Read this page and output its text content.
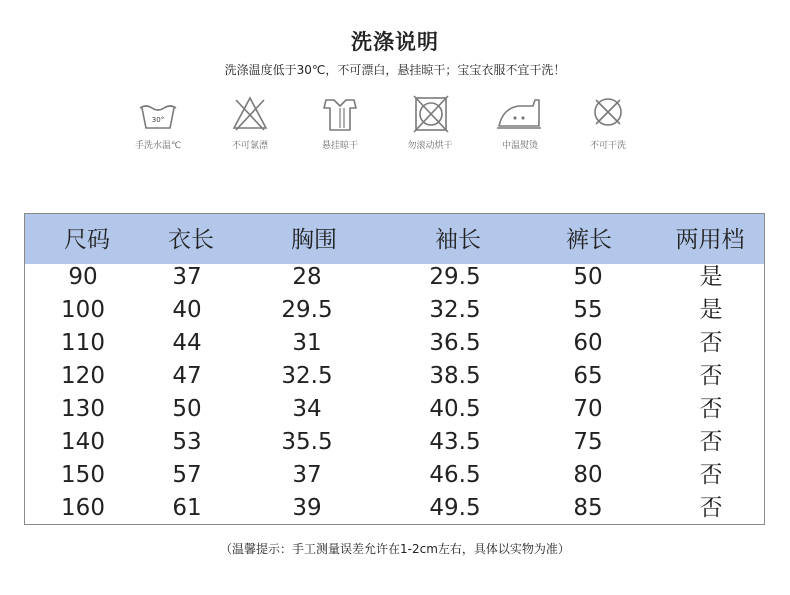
洗涤说明
洗涤温度低于30℃，不可漂白，悬挂晾干；宝宝衣服不宜干洗！
30°
手洗水温℃	不可氯漂	悬挂晾干	勿滚动烘干	中温熨烫	不可干洗
尺码	衣长	胸围	袖长	裤长	两用档
90	37	28	29.5	50	是
100	40	29.5	32.5	55	是
110	44	31	36.5	60	否
120	47	32.5	38.5	65	否
130	50	34	40.5	70	否
140	53	35.5	43.5	75	否
150	57	37	46.5	80	否
160	61	39	49.5	85	否
（温馨提示：手工测量误差允许在1-2cm左右，具体以实物为准）
